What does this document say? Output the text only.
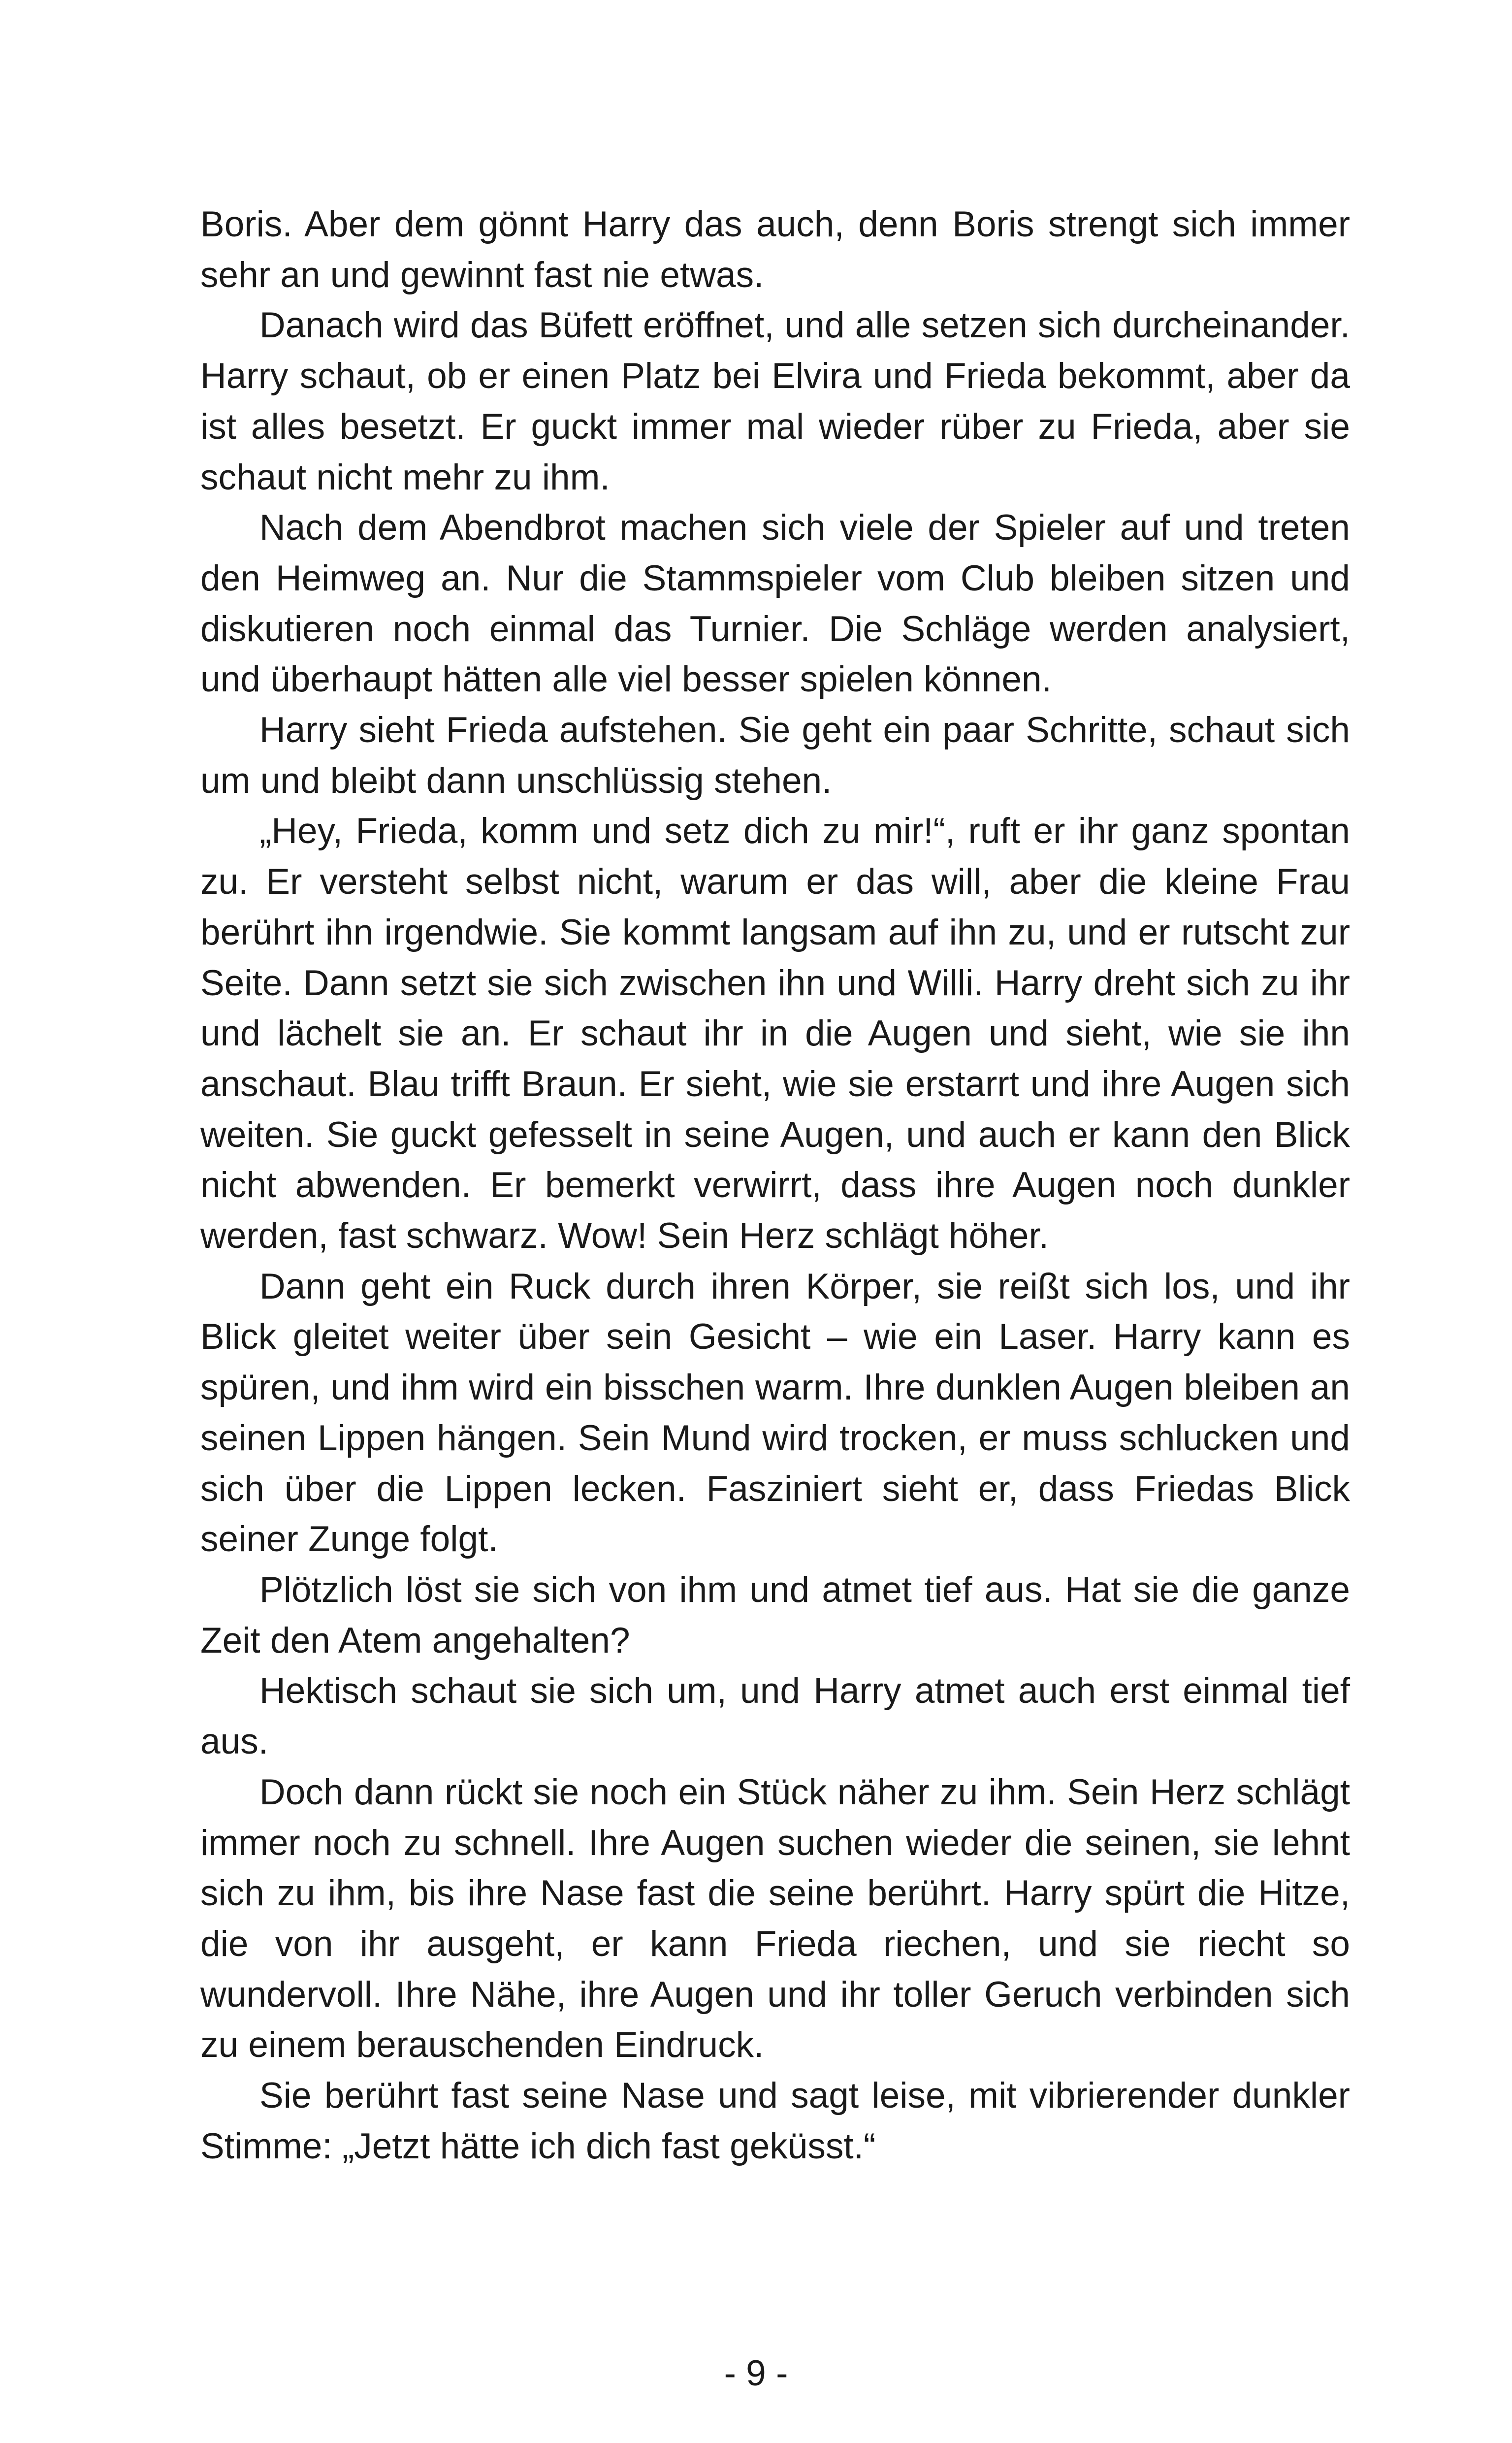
Boris. Aber dem gönnt Harry das auch, denn Boris strengt sich immer sehr an und gewinnt fast nie etwas.

Danach wird das Büfett eröffnet, und alle setzen sich durcheinander. Harry schaut, ob er einen Platz bei Elvira und Frieda bekommt, aber da ist alles besetzt. Er guckt immer mal wieder rüber zu Frieda, aber sie schaut nicht mehr zu ihm.

Nach dem Abendbrot machen sich viele der Spieler auf und treten den Heimweg an. Nur die Stammspieler vom Club bleiben sitzen und diskutieren noch einmal das Turnier. Die Schläge werden analysiert, und überhaupt hätten alle viel besser spielen können.

Harry sieht Frieda aufstehen. Sie geht ein paar Schritte, schaut sich um und bleibt dann unschlüssig stehen.

„Hey, Frieda, komm und setz dich zu mir!“, ruft er ihr ganz spontan zu. Er versteht selbst nicht, warum er das will, aber die kleine Frau berührt ihn irgendwie. Sie kommt langsam auf ihn zu, und er rutscht zur Seite. Dann setzt sie sich zwischen ihn und Willi. Harry dreht sich zu ihr und lächelt sie an. Er schaut ihr in die Augen und sieht, wie sie ihn anschaut. Blau trifft Braun. Er sieht, wie sie erstarrt und ihre Augen sich weiten. Sie guckt gefesselt in seine Augen, und auch er kann den Blick nicht abwenden. Er bemerkt verwirrt, dass ihre Augen noch dunkler werden, fast schwarz. Wow! Sein Herz schlägt höher.

Dann geht ein Ruck durch ihren Körper, sie reißt sich los, und ihr Blick gleitet weiter über sein Gesicht – wie ein Laser. Harry kann es spüren, und ihm wird ein bisschen warm. Ihre dunklen Augen bleiben an seinen Lippen hängen. Sein Mund wird trocken, er muss schlucken und sich über die Lippen lecken. Fasziniert sieht er, dass Friedas Blick seiner Zunge folgt.

Plötzlich löst sie sich von ihm und atmet tief aus. Hat sie die ganze Zeit den Atem angehalten?

Hektisch schaut sie sich um, und Harry atmet auch erst einmal tief aus.

Doch dann rückt sie noch ein Stück näher zu ihm. Sein Herz schlägt immer noch zu schnell. Ihre Augen suchen wieder die seinen, sie lehnt sich zu ihm, bis ihre Nase fast die seine berührt. Harry spürt die Hitze, die von ihr ausgeht, er kann Frieda riechen, und sie riecht so wundervoll. Ihre Nähe, ihre Augen und ihr toller Geruch verbinden sich zu einem berauschenden Eindruck.

Sie berührt fast seine Nase und sagt leise, mit vibrierender dunkler Stimme: „Jetzt hätte ich dich fast geküsst.“

- 9 -
